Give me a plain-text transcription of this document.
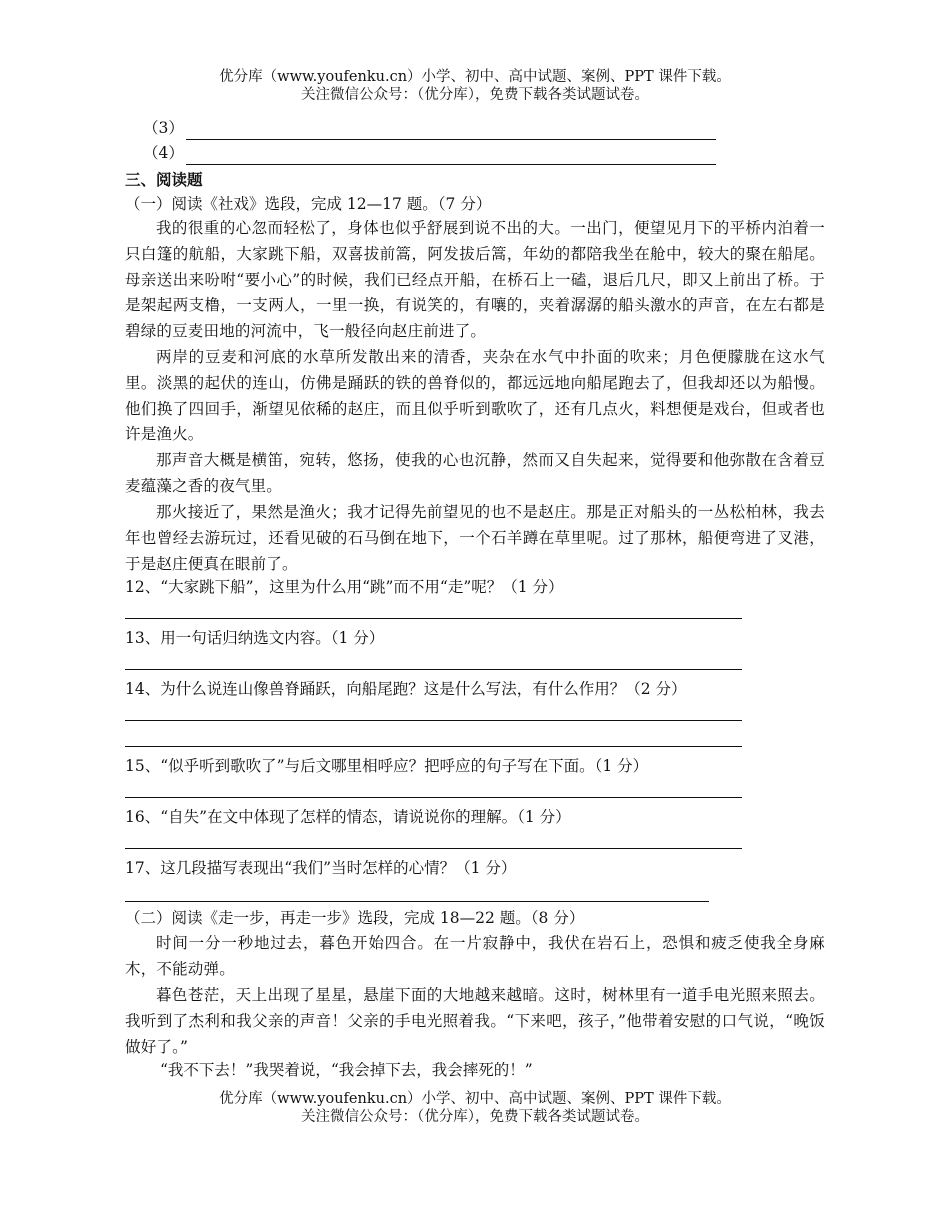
优分库（www.youfenku.cn）小学、初中、高中试题、案例、PPT 课件下载。
关注微信公众号：（优分库），免费下载各类试题试卷。
（3）
（4）
三、阅读题
（一）阅读《社戏》选段，完成 12—17 题。（7 分）
我的很重的心忽而轻松了，身体也似乎舒展到说不出的大。一出门，便望见月下的平桥内泊着一只白篷的航船，大家跳下船，双喜拔前篙，阿发拔后篙，年幼的都陪我坐在舱中，较大的聚在船尾。母亲送出来吩咐“要小心”的时候，我们已经点开船，在桥石上一磕，退后几尺，即又上前出了桥。于是架起两支橹，一支两人，一里一换，有说笑的，有嚷的，夹着潺潺的船头激水的声音，在左右都是碧绿的豆麦田地的河流中，飞一般径向赵庄前进了。
两岸的豆麦和河底的水草所发散出来的清香，夹杂在水气中扑面的吹来；月色便朦胧在这水气里。淡黑的起伏的连山，仿佛是踊跃的铁的兽脊似的，都远远地向船尾跑去了，但我却还以为船慢。他们换了四回手，渐望见依稀的赵庄，而且似乎听到歌吹了，还有几点火，料想便是戏台，但或者也许是渔火。
那声音大概是横笛，宛转，悠扬，使我的心也沉静，然而又自失起来，觉得要和他弥散在含着豆麦蕴藻之香的夜气里。
那火接近了，果然是渔火；我才记得先前望见的也不是赵庄。那是正对船头的一丛松柏林，我去年也曾经去游玩过，还看见破的石马倒在地下，一个石羊蹲在草里呢。过了那林，船便弯进了叉港，于是赵庄便真在眼前了。
12、“大家跳下船”，这里为什么用“跳”而不用“走”呢？（1 分）
13、用一句话归纳选文内容。（1 分）
14、为什么说连山像兽脊踊跃，向船尾跑？这是什么写法，有什么作用？（2 分）
15、“似乎听到歌吹了”与后文哪里相呼应？把呼应的句子写在下面。（1 分）
16、“自失”在文中体现了怎样的情态，请说说你的理解。（1 分）
17、这几段描写表现出“我们”当时怎样的心情？（1 分）
（二）阅读《走一步，再走一步》选段，完成 18—22 题。（8 分）
时间一分一秒地过去，暮色开始四合。在一片寂静中，我伏在岩石上，恐惧和疲乏使我全身麻木，不能动弹。
暮色苍茫，天上出现了星星，悬崖下面的大地越来越暗。这时，树林里有一道手电光照来照去。我听到了杰利和我父亲的声音！父亲的手电光照着我。“下来吧，孩子，”他带着安慰的口气说，“晚饭做好了。”
“我不下去！”我哭着说，“我会掉下去，我会摔死的！”
优分库（www.youfenku.cn）小学、初中、高中试题、案例、PPT 课件下载。
关注微信公众号：（优分库），免费下载各类试题试卷。
